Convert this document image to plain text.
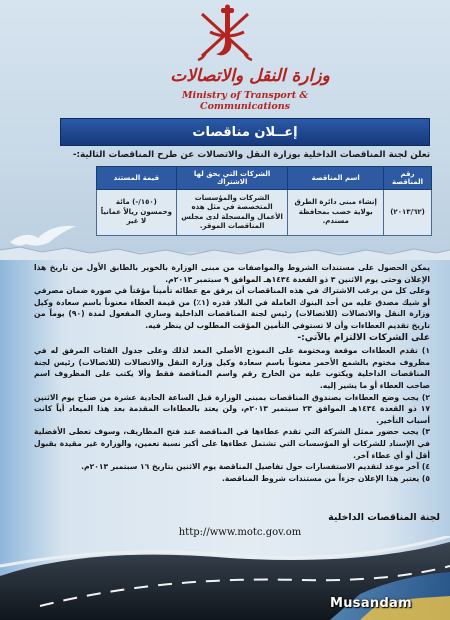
وزارة النقل والاتصالات
Ministry of Transport & Communications
إعــلان مناقصات
تعلن لجنة المناقصات الداخلية بوزارة النقل والاتصالات عن طرح المناقصات التالية:-
رقم المناقصة	اسم المناقصة	الشركات التي يحق لها الاشتراك	قيمة المستند
(٢٠١٣/٦٢)	إنشاء مبنى دائرة الطرق بولاية خصب بمحافظة مسندم.	الشركات والمؤسسات المتخصصة في مثل هذه الأعمال والمسجلة لدى مجلس المناقصات الموقر.	(١٥٠/-) مائة وخمسون ريالاً عمانياً لا غير

يمكن الحصول على مستندات الشروط والمواصفات من مبنى الوزارة بالخوير بالطابق الأول من تاريخ هذا الإعلان وحتى يوم الاثنين ٣ ذو القعدة ١٤٣٤هـ الموافق ٩ سبتمبر ٢٠١٣م.

وعلى كل من يرغب الاشتراك في هذه المناقصات أن يرفق مع عطائه تأميناً مؤقتاً في صورة ضمان مصرفي أو شيك مصدق عليه من أحد البنوك العاملة في البلاد قدره (١٪) من قيمة العطاء معنوناً باسم سعادة وكيل وزارة النقل والاتصالات (للاتصالات) رئيس لجنة المناقصات الداخلية وساري المفعول لمدة (٩٠) يوماً من تاريخ تقديم العطاءات وأن لا تستوفي التأمين المؤقت المطلوب لن ينظر فيه.

على الشركات الالتزام بالآتي:-

١) تقدم العطاءات موقعة ومختومة على النموذج الأصلي المعد لذلك وعلى جدول الفئات المرفق له في مظروف مختوم بالشمع الأحمر معنوناً باسم سعادة وكيل وزارة النقل والاتصالات (للاتصالات) رئيس لجنة المناقصات الداخلية ويكتوب عليه من الخارج رقم واسم المناقصة فقط وألا يكتب على المظروف اسم صاحب العطاء أو ما يشير إليه.

٢) يجب وضع العطاءات بصندوق المناقصات بمبنى الوزارة قبل الساعة الحادية عشرة من صباح يوم الاثنين ١٧ ذو القعدة ١٤٣٤هـ الموافق ٢٣ سبتمبر ٢٠١٣م، ولن يعتد بالعطاءات المقدمة بعد هذا الميعاد أياً كانت أسباب التأخير.

٣) يجب حضور ممثل الشركة التي تقدم عطاءها في المناقصة عند فتح المظاريف، وسوف تعطى الأفضلية في الإسناد للشركات أو المؤسسات التي تشتمل عطاءها على أكبر نسبة تعمين، والوزارة غير مقيدة بقبول أقل أو أي عطاء آخر.

٤) آخر موعد لتقديم الاستفسارات حول تفاصيل المناقصة يوم الاثنين بتاريخ ١٦ سبتمبر ٢٠١٣م.

٥) يعتبر هذا الإعلان جزءاً من مستندات شروط المناقصة.

لجنة المناقصات الداخلية
http://www.motc.gov.om
Musandam
